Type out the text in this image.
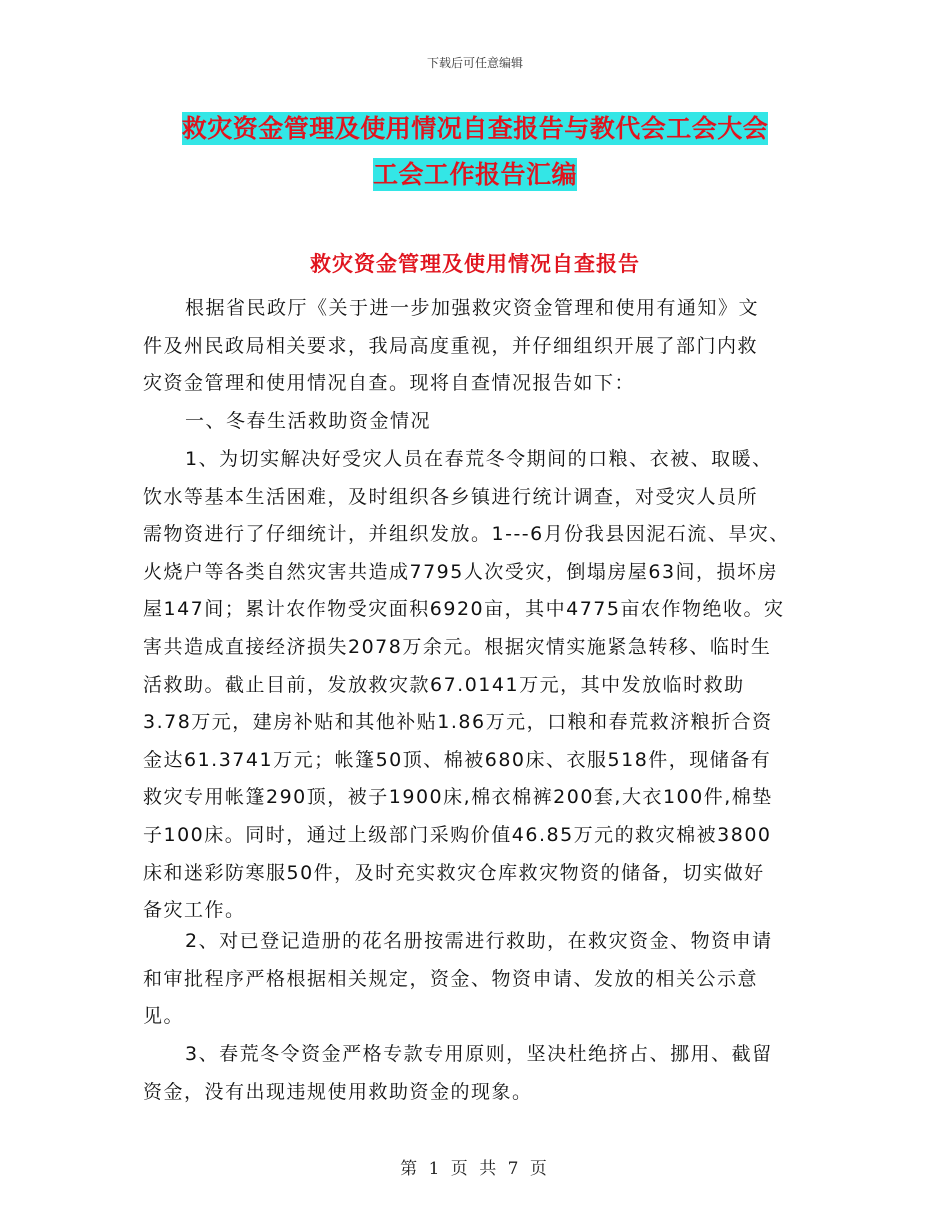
下载后可任意编辑
救灾资金管理及使用情况自查报告与教代会工会大会
工会工作报告汇编
救灾资金管理及使用情况自查报告
根据省民政厅《关于进一步加强救灾资金管理和使用有通知》文
件及州民政局相关要求，我局高度重视，并仔细组织开展了部门内救
灾资金管理和使用情况自查。现将自查情况报告如下：
一、冬春生活救助资金情况
1、为切实解决好受灾人员在春荒冬令期间的口粮、衣被、取暖、
饮水等基本生活困难，及时组织各乡镇进行统计调查，对受灾人员所
需物资进行了仔细统计，并组织发放。1---6月份我县因泥石流、旱灾、
火烧户等各类自然灾害共造成7795人次受灾，倒塌房屋63间，损坏房
屋147间；累计农作物受灾面积6920亩，其中4775亩农作物绝收。灾
害共造成直接经济损失2078万余元。根据灾情实施紧急转移、临时生
活救助。截止目前，发放救灾款67.0141万元，其中发放临时救助
3.78万元，建房补贴和其他补贴1.86万元，口粮和春荒救济粮折合资
金达61.3741万元；帐篷50顶、棉被680床、衣服518件，现储备有
救灾专用帐篷290顶，被子1900床,棉衣棉裤200套,大衣100件,棉垫
子100床。同时，通过上级部门采购价值46.85万元的救灾棉被3800
床和迷彩防寒服50件，及时充实救灾仓库救灾物资的储备，切实做好
备灾工作。
2、对已登记造册的花名册按需进行救助，在救灾资金、物资申请
和审批程序严格根据相关规定，资金、物资申请、发放的相关公示意
见。
3、春荒冬令资金严格专款专用原则，坚决杜绝挤占、挪用、截留
资金，没有出现违规使用救助资金的现象。
第 1 页 共 7 页
